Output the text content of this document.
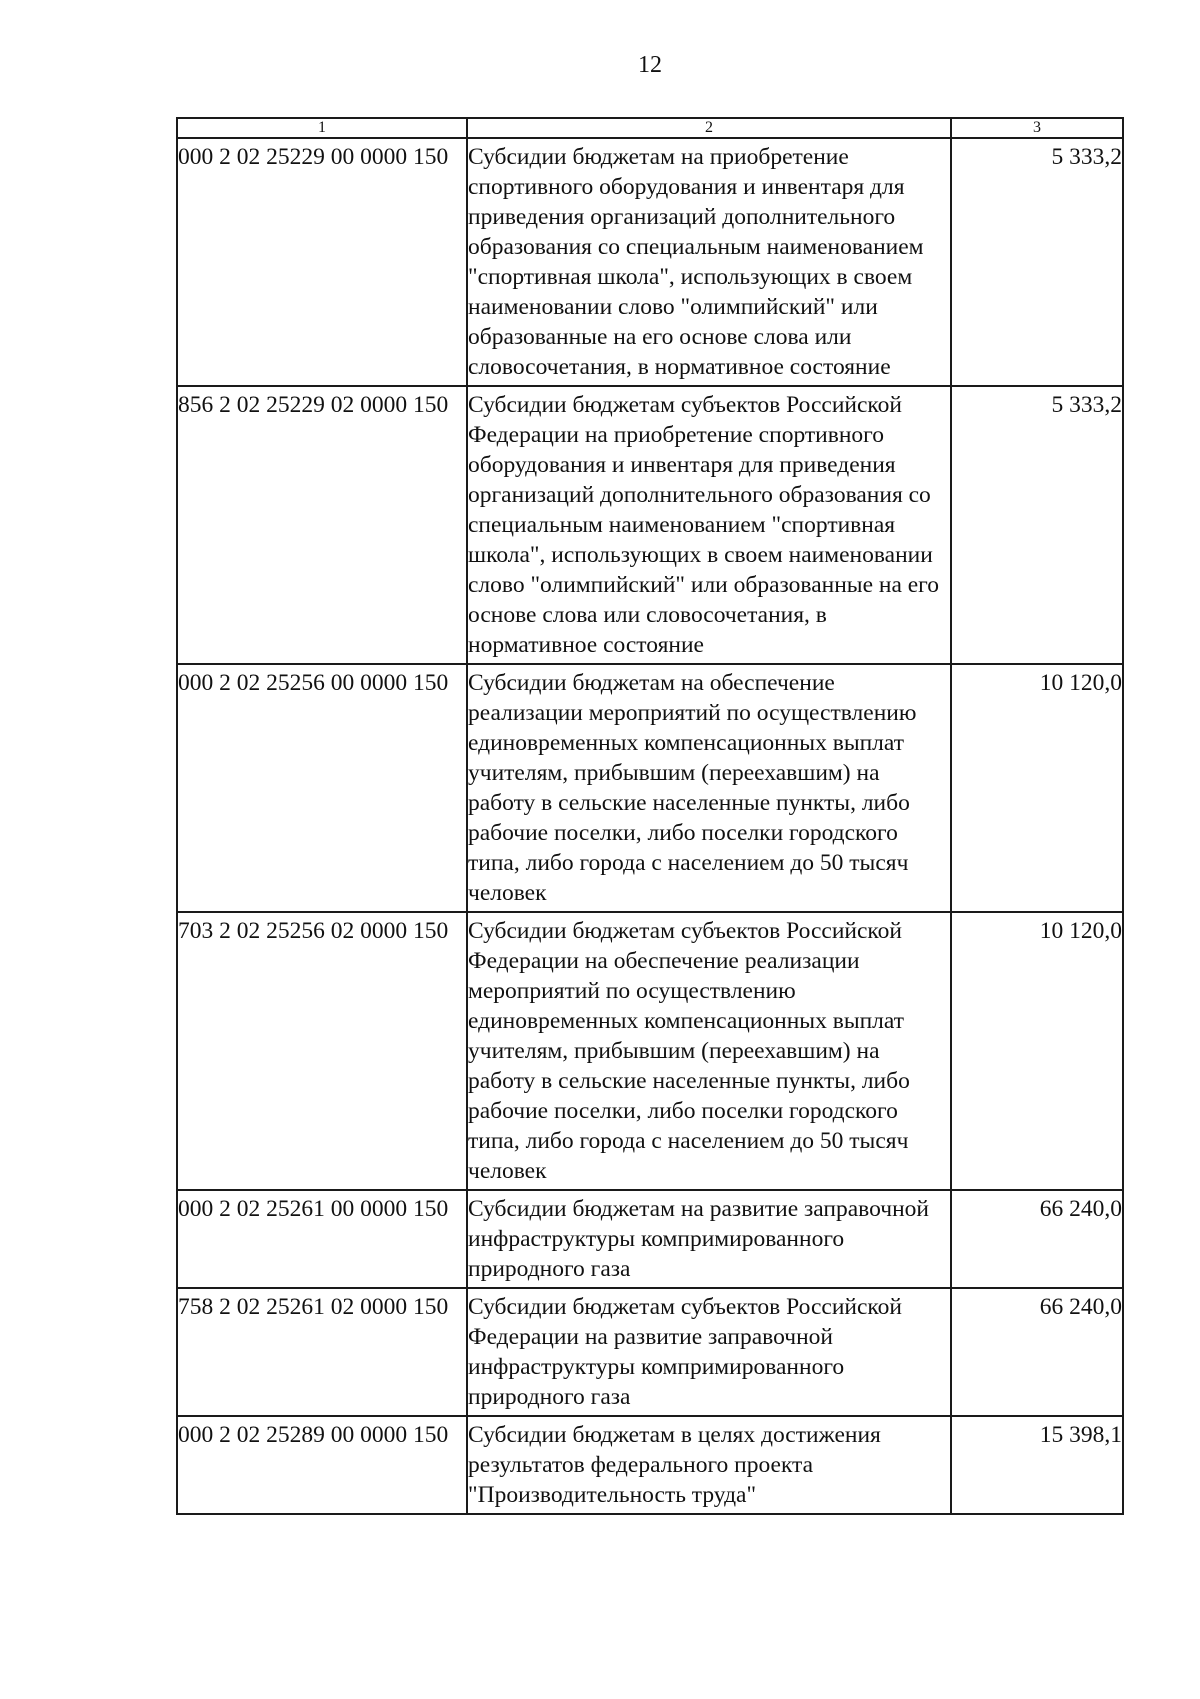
12
1	2	3
000 2 02 25229 00 0000 150	Субсидии бюджетам на приобретение спортивного оборудования и инвентаря для приведения организаций дополнительного образования со специальным наименованием "спортивная школа", использующих в своем наименовании слово "олимпийский" или образованные на его основе слова или словосочетания, в нормативное состояние	5 333,2
856 2 02 25229 02 0000 150	Субсидии бюджетам субъектов Российской Федерации на приобретение спортивного оборудования и инвентаря для приведения организаций дополнительного образования со специальным наименованием "спортивная школа", использующих в своем наименовании слово "олимпийский" или образованные на его основе слова или словосочетания, в нормативное состояние	5 333,2
000 2 02 25256 00 0000 150	Субсидии бюджетам на обеспечение реализации мероприятий по осуществлению единовременных компенсационных выплат учителям, прибывшим (переехавшим) на работу в сельские населенные пункты, либо рабочие поселки, либо поселки городского типа, либо города с населением до 50 тысяч человек	10 120,0
703 2 02 25256 02 0000 150	Субсидии бюджетам субъектов Российской Федерации на обеспечение реализации мероприятий по осуществлению единовременных компенсационных выплат учителям, прибывшим (переехавшим) на работу в сельские населенные пункты, либо рабочие поселки, либо поселки городского типа, либо города с населением до 50 тысяч человек	10 120,0
000 2 02 25261 00 0000 150	Субсидии бюджетам на развитие заправочной инфраструктуры компримированного природного газа	66 240,0
758 2 02 25261 02 0000 150	Субсидии бюджетам субъектов Российской Федерации на развитие заправочной инфраструктуры компримированного природного газа	66 240,0
000 2 02 25289 00 0000 150	Субсидии бюджетам в целях достижения результатов федерального проекта "Производительность труда"	15 398,1
